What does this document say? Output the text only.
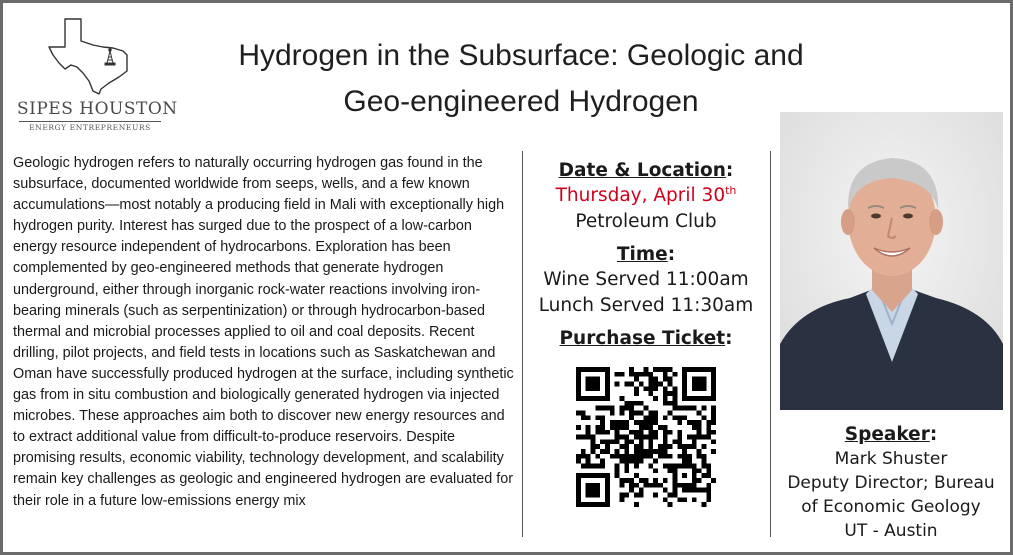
SIPES HOUSTON
ENERGY ENTREPRENEURS
Hydrogen in the Subsurface: Geologic and
Geo-engineered Hydrogen
Geologic hydrogen refers to naturally occurring hydrogen gas found in the subsurface, documented worldwide from seeps, wells, and a few known accumulations—most notably a producing field in Mali with exceptionally high hydrogen purity. Interest has surged due to the prospect of a low-carbon energy resource independent of hydrocarbons. Exploration has been complemented by geo-engineered methods that generate hydrogen underground, either through inorganic rock-water reactions involving iron-bearing minerals (such as serpentinization) or through hydrocarbon-based thermal and microbial processes applied to oil and coal deposits. Recent drilling, pilot projects, and field tests in locations such as Saskatchewan and Oman have successfully produced hydrogen at the surface, including synthetic gas from in situ combustion and biologically generated hydrogen via injected microbes. These approaches aim both to discover new energy resources and to extract additional value from difficult-to-produce reservoirs. Despite promising results, economic viability, technology development, and scalability remain key challenges as geologic and engineered hydrogen are evaluated for their role in a future low-emissions energy mix
Date & Location:
Thursday, April 30th
Petroleum Club
Time:
Wine Served 11:00am
Lunch Served 11:30am
Purchase Ticket:
Speaker:
Mark Shuster
Deputy Director; Bureau
of Economic Geology
UT - Austin
